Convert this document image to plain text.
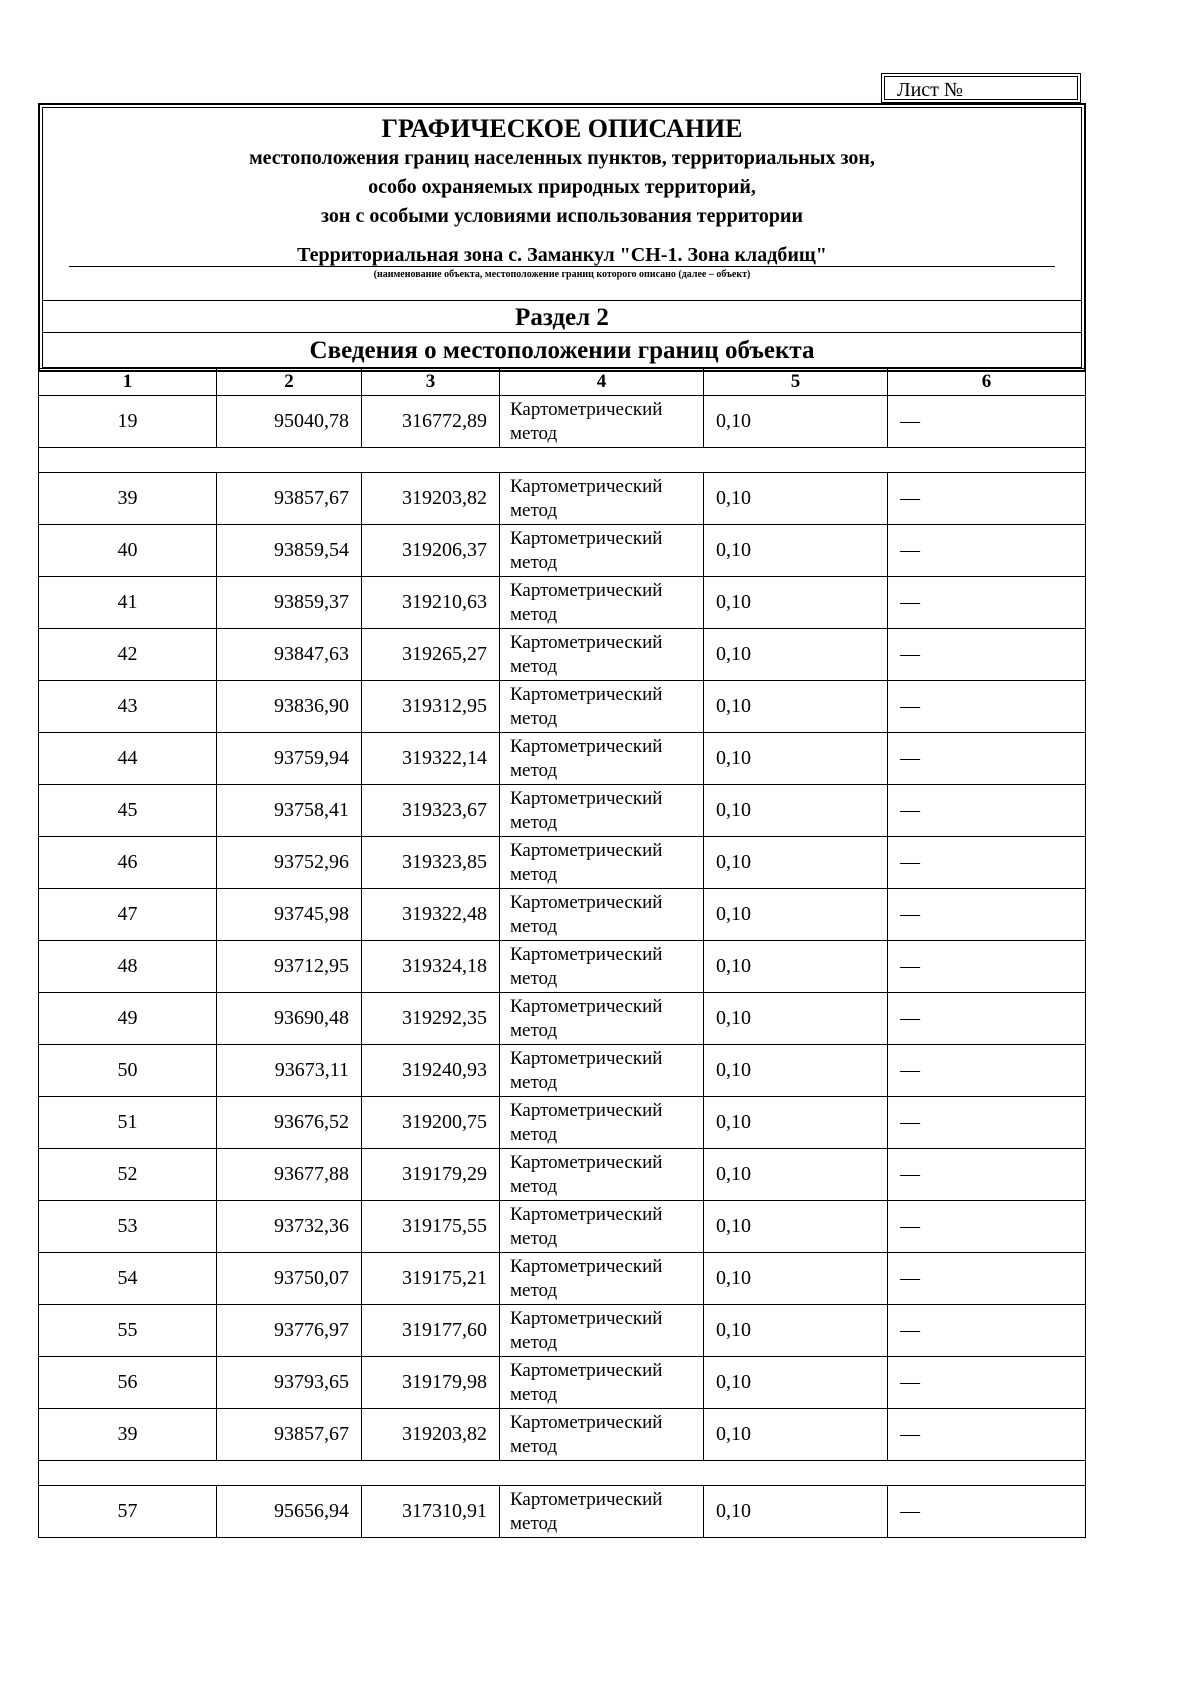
Лист №
ГРАФИЧЕСКОЕ ОПИСАНИЕ
местоположения границ населенных пунктов, территориальных зон,
особо охраняемых природных территорий,
зон с особыми условиями использования территории
Территориальная зона с. Заманкул "СН-1. Зона кладбищ"
(наименование объекта, местоположение границ которого описано (далее – объект)
Раздел 2
Сведения о местоположении границ объекта
1	2	3	4	5	6
19	95040,78	316772,89	Картометрический метод	0,10	—

39	93857,67	319203,82	Картометрический метод	0,10	—
40	93859,54	319206,37	Картометрический метод	0,10	—
41	93859,37	319210,63	Картометрический метод	0,10	—
42	93847,63	319265,27	Картометрический метод	0,10	—
43	93836,90	319312,95	Картометрический метод	0,10	—
44	93759,94	319322,14	Картометрический метод	0,10	—
45	93758,41	319323,67	Картометрический метод	0,10	—
46	93752,96	319323,85	Картометрический метод	0,10	—
47	93745,98	319322,48	Картометрический метод	0,10	—
48	93712,95	319324,18	Картометрический метод	0,10	—
49	93690,48	319292,35	Картометрический метод	0,10	—
50	93673,11	319240,93	Картометрический метод	0,10	—
51	93676,52	319200,75	Картометрический метод	0,10	—
52	93677,88	319179,29	Картометрический метод	0,10	—
53	93732,36	319175,55	Картометрический метод	0,10	—
54	93750,07	319175,21	Картометрический метод	0,10	—
55	93776,97	319177,60	Картометрический метод	0,10	—
56	93793,65	319179,98	Картометрический метод	0,10	—
39	93857,67	319203,82	Картометрический метод	0,10	—

57	95656,94	317310,91	Картометрический метод	0,10	—
